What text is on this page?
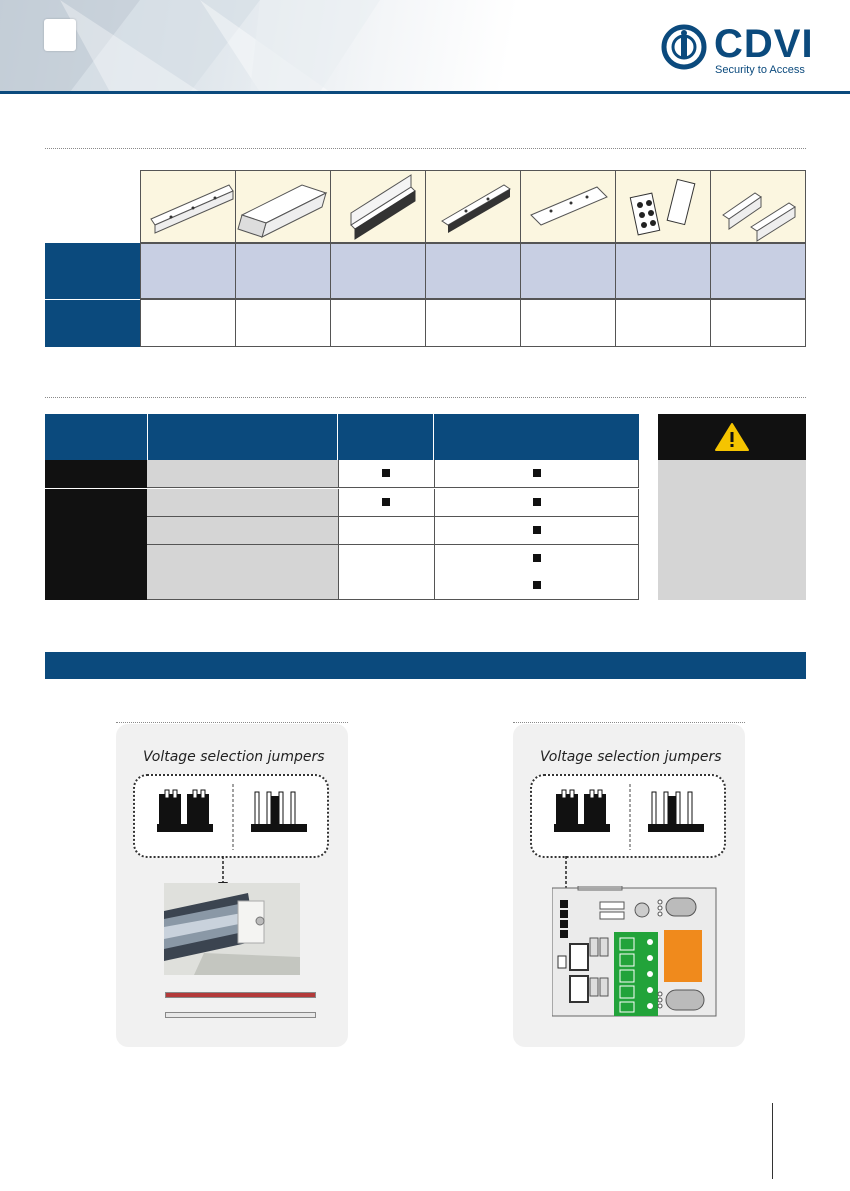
CDVI
Security to Access
Voltage selection jumpers	Voltage selection jumpers
